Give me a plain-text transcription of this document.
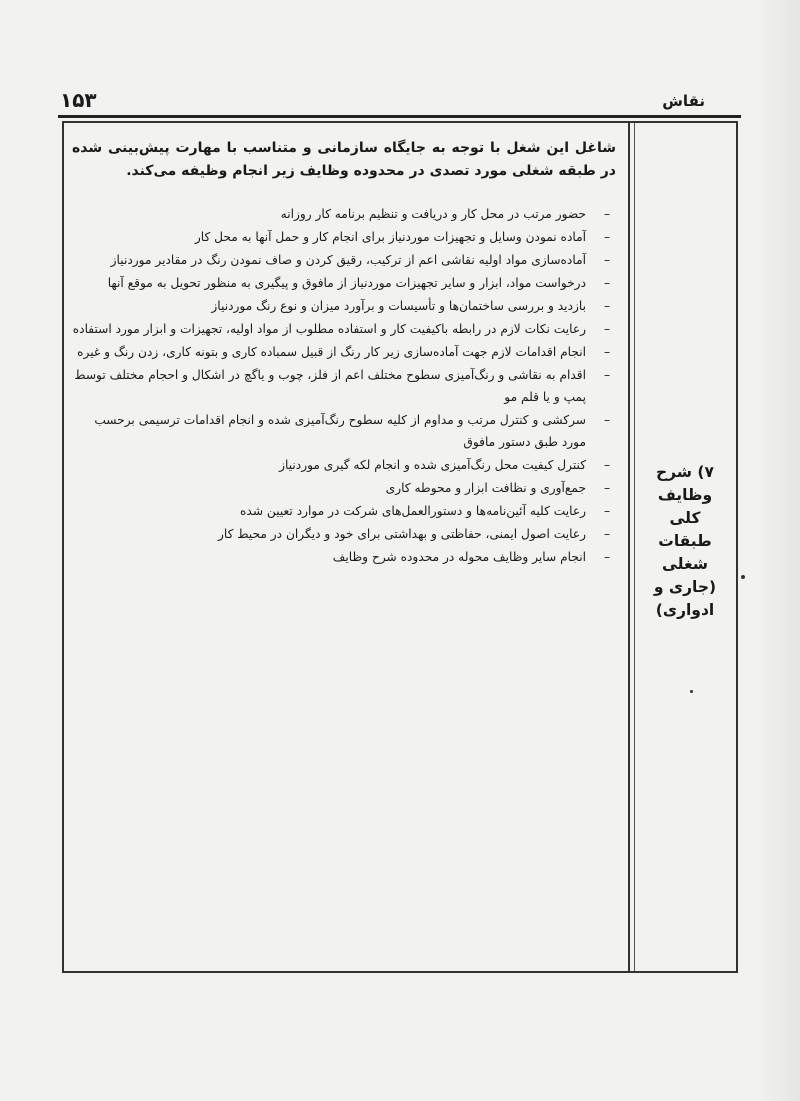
نقاش
۱۵۳
۷) شرح
وظایف
کلی
طبقات
شغلی
(جاری و
ادواری)

شاغل این شغل با توجه به جایگاه سازمانی و متناسب با مهارت پیش‌بینی شده در طبقه شغلی مورد تصدی در محدوده وظایف زیر انجام وظیفه می‌کند.

–
حضور مرتب در محل کار و دریافت و تنظیم برنامه کار روزانه
–
آماده نمودن وسایل و تجهیزات موردنیاز برای انجام کار و حمل آنها به محل کار
–
آماده‌سازی مواد اولیه نقاشی اعم از ترکیب، رقیق کردن و صاف نمودن رنگ در مقادیر موردنیاز
–
درخواست مواد، ابزار و سایر تجهیزات موردنیاز از مافوق و پیگیری به منظور تحویل به موقع آنها
–
بازدید و بررسی ساختمان‌ها و تأسیسات و برآورد میزان و نوع رنگ موردنیاز
–
رعایت نکات لازم در رابطه باکیفیت کار و استفاده مطلوب از مواد اولیه، تجهیزات و ابزار مورد استفاده
–
انجام اقدامات لازم جهت آماده‌سازی زیر کار رنگ از قبیل سمباده کاری و بتونه کاری، زدن رنگ و غیره
–
اقدام به نقاشی و رنگ‌آمیزی سطوح مختلف اعم از فلز، چوب و یاگچ در اشکال و احجام مختلف توسط پمپ و یا قلم مو
–
سرکشی و کنترل مرتب و مداوم از کلیه سطوح رنگ‌آمیزی شده و انجام اقدامات ترسیمی برحسب مورد طبق دستور مافوق
–
کنترل کیفیت محل رنگ‌آمیزی شده و انجام لکه گیری موردنیاز
–
جمع‌آوری و نظافت ابزار و محوطه کاری
–
رعایت کلیه آئین‌نامه‌ها و دستورالعمل‌های شرکت در موارد تعیین شده
–
رعایت اصول ایمنی، حفاظتی و بهداشتی برای خود و دیگران در محیط کار
–
انجام سایر وظایف محوله در محدوده شرح وظایف
